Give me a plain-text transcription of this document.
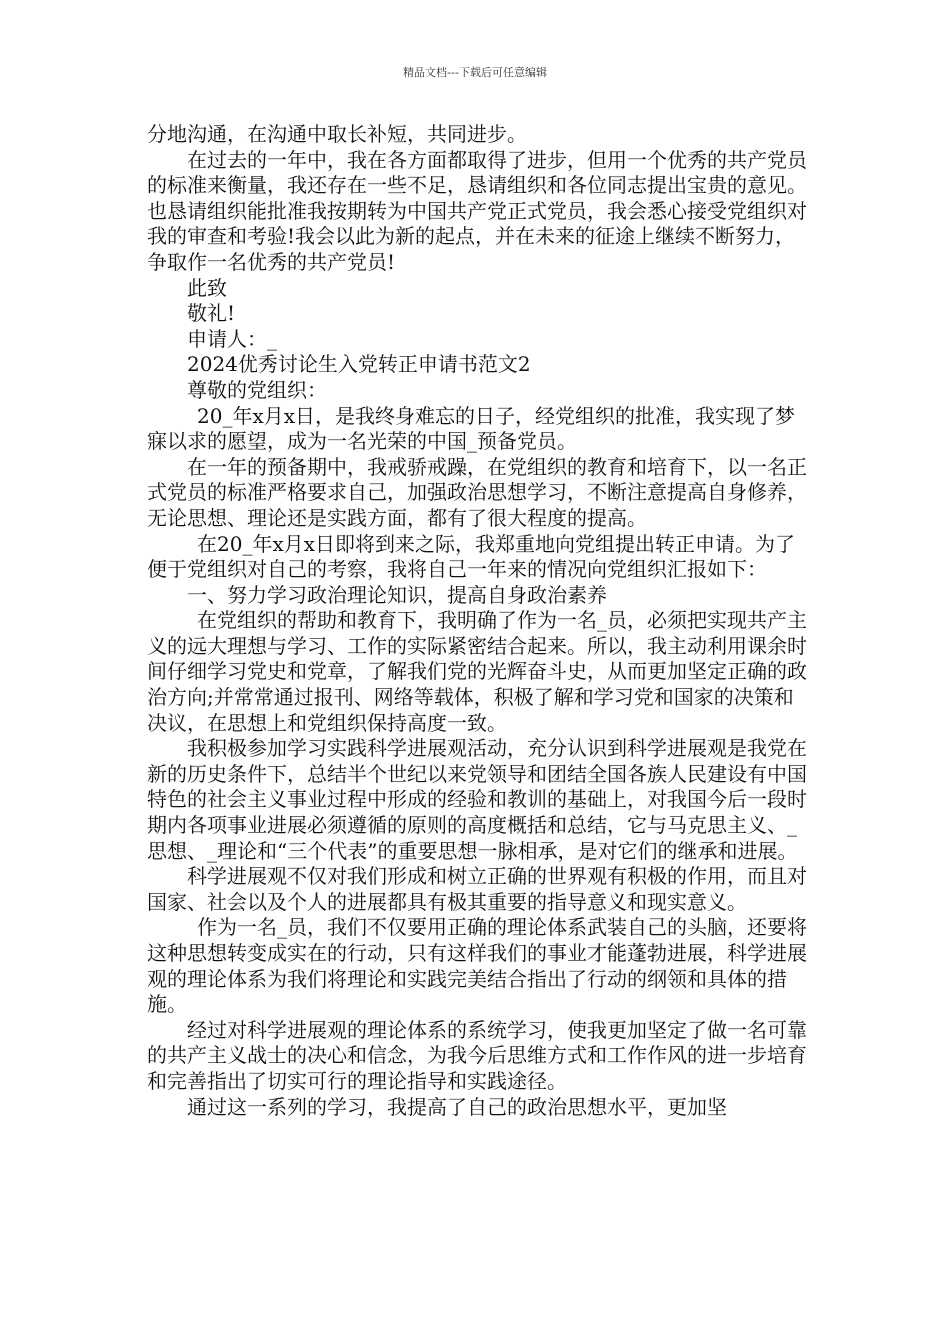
精品文档---下载后可任意编辑

分地沟通，在沟通中取长补短，共同进步。

在过去的一年中，我在各方面都取得了进步，但用一个优秀的共产党员的标准来衡量，我还存在一些不足，恳请组织和各位同志提出宝贵的意见。也恳请组织能批准我按期转为中国共产党正式党员，我会悉心接受党组织对我的审查和考验!我会以此为新的起点，并在未来的征途上继续不断努力，争取作一名优秀的共产党员!

此致

敬礼!

申请人：_

2024优秀讨论生入党转正申请书范文2

尊敬的党组织：

20_年x月x日，是我终身难忘的日子，经党组织的批准，我实现了梦寐以求的愿望，成为一名光荣的中国_预备党员。

在一年的预备期中，我戒骄戒躁，在党组织的教育和培育下，以一名正式党员的标准严格要求自己，加强政治思想学习，不断注意提高自身修养，无论思想、理论还是实践方面，都有了很大程度的提高。

在20_年x月x日即将到来之际，我郑重地向党组提出转正申请。为了便于党组织对自己的考察，我将自己一年来的情况向党组织汇报如下：

一、努力学习政治理论知识，提高自身政治素养

在党组织的帮助和教育下，我明确了作为一名_员，必须把实现共产主义的远大理想与学习、工作的实际紧密结合起来。所以，我主动利用课余时间仔细学习党史和党章，了解我们党的光辉奋斗史，从而更加坚定正确的政治方向;并常常通过报刊、网络等载体，积极了解和学习党和国家的决策和决议，在思想上和党组织保持高度一致。

我积极参加学习实践科学进展观活动，充分认识到科学进展观是我党在新的历史条件下，总结半个世纪以来党领导和团结全国各族人民建设有中国特色的社会主义事业过程中形成的经验和教训的基础上，对我国今后一段时期内各项事业进展必须遵循的原则的高度概括和总结，它与马克思主义、_思想、_理论和“三个代表”的重要思想一脉相承，是对它们的继承和进展。

科学进展观不仅对我们形成和树立正确的世界观有积极的作用，而且对国家、社会以及个人的进展都具有极其重要的指导意义和现实意义。

作为一名_员，我们不仅要用正确的理论体系武装自己的头脑，还要将这种思想转变成实在的行动，只有这样我们的事业才能蓬勃进展，科学进展观的理论体系为我们将理论和实践完美结合指出了行动的纲领和具体的措施。

经过对科学进展观的理论体系的系统学习，使我更加坚定了做一名可靠的共产主义战士的决心和信念，为我今后思维方式和工作作风的进一步培育和完善指出了切实可行的理论指导和实践途径。

通过这一系列的学习，我提高了自己的政治思想水平，更加坚
